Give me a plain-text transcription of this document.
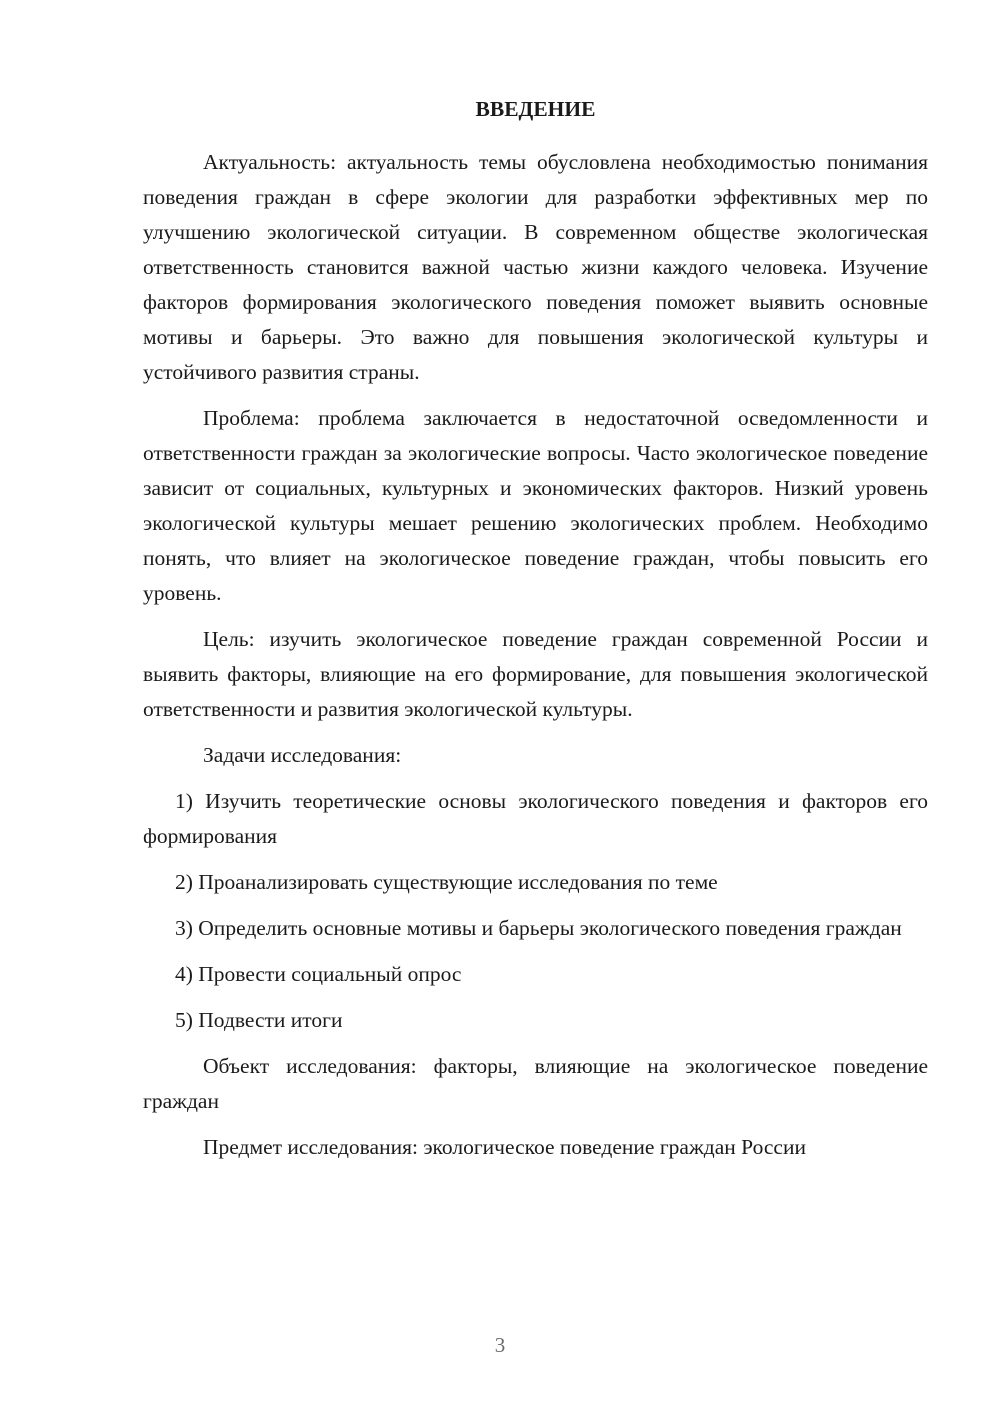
ВВЕДЕНИЕ

Актуальность: актуальность темы обусловлена необходимостью понимания поведения граждан в сфере экологии для разработки эффективных мер по улучшению экологической ситуации. В современном обществе экологическая ответственность становится важной частью жизни каждого человека. Изучение факторов формирования экологического поведения поможет выявить основные мотивы и барьеры. Это важно для повышения экологической культуры и устойчивого развития страны.

Проблема: проблема заключается в недостаточной осведомленности и ответственности граждан за экологические вопросы. Часто экологическое поведение зависит от социальных, культурных и экономических факторов. Низкий уровень экологической культуры мешает решению экологических проблем. Необходимо понять, что влияет на экологическое поведение граждан, чтобы повысить его уровень.

Цель: изучить экологическое поведение граждан современной России и выявить факторы, влияющие на его формирование, для повышения экологической ответственности и развития экологической культуры.

Задачи исследования:

1) Изучить теоретические основы экологического поведения и факторов его формирования

2) Проанализировать существующие исследования по теме

3) Определить основные мотивы и барьеры экологического поведения граждан

4) Провести социальный опрос

5) Подвести итоги

Объект исследования: факторы, влияющие на экологическое поведение граждан

Предмет исследования: экологическое поведение граждан России

3
